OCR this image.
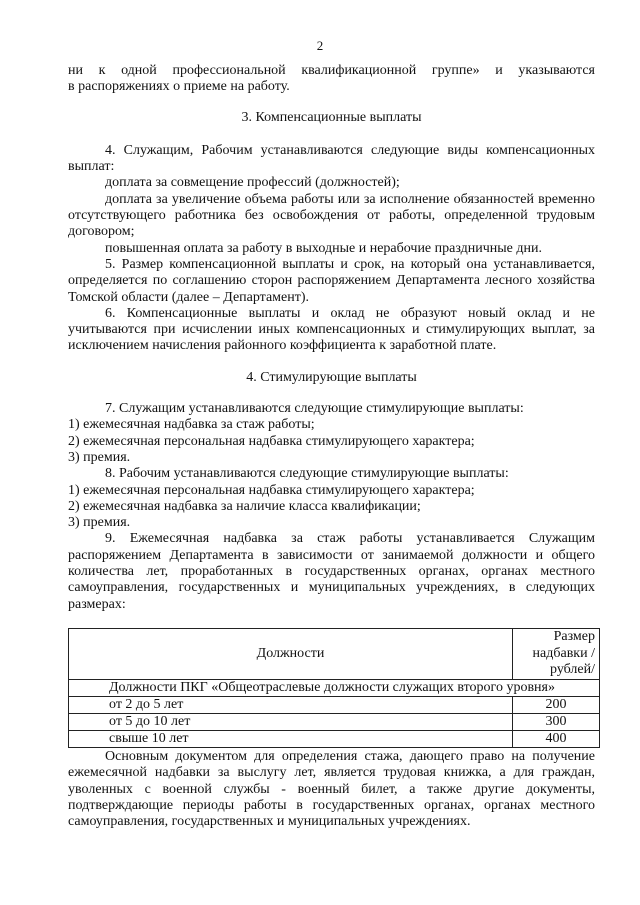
2

ни к одной профессиональной квалификационной группе» и указываются

в распоряжениях о приеме на работу.

3. Компенсационные выплаты

4. Служащим, Рабочим устанавливаются следующие виды компенсационных выплат:

доплата за совмещение профессий (должностей);

доплата за увеличение объема работы или за исполнение обязанностей временно отсутствующего работника без освобождения от работы, определенной трудовым договором;

повышенная оплата за работу в выходные и нерабочие праздничные дни.

5. Размер компенсационной выплаты и срок, на который она устанавливается, определяется по соглашению сторон распоряжением Департамента лесного хозяйства Томской области (далее – Департамент).

6. Компенсационные выплаты и оклад не образуют новый оклад и не учитываются при исчислении иных компенсационных и стимулирующих выплат, за исключением начисления районного коэффициента к заработной плате.

4. Стимулирующие выплаты

7. Служащим устанавливаются следующие стимулирующие выплаты:

1) ежемесячная надбавка за стаж работы;

2) ежемесячная персональная надбавка стимулирующего характера;

3) премия.

8. Рабочим устанавливаются следующие стимулирующие выплаты:

1) ежемесячная персональная надбавка стимулирующего характера;

2) ежемесячная надбавка за наличие класса квалификации;

3) премия.

9. Ежемесячная надбавка за стаж работы устанавливается Служащим распоряжением Департамента в зависимости от занимаемой должности и общего количества лет, проработанных в государственных органах, органах местного самоуправления, государственных и муниципальных учреждениях, в следующих размерах:

Должности	Размер надбавки /рублей/
Должности ПКГ «Общеотраслевые должности служащих второго уровня»	
от 2 до 5 лет	200
от 5 до 10 лет	300
свыше 10 лет	400

Основным документом для определения стажа, дающего право на получение ежемесячной надбавки за выслугу лет, является трудовая книжка, а для граждан, уволенных с военной службы - военный билет, а также другие документы, подтверждающие периоды работы в государственных органах, органах местного самоуправления, государственных и муниципальных учреждениях.
